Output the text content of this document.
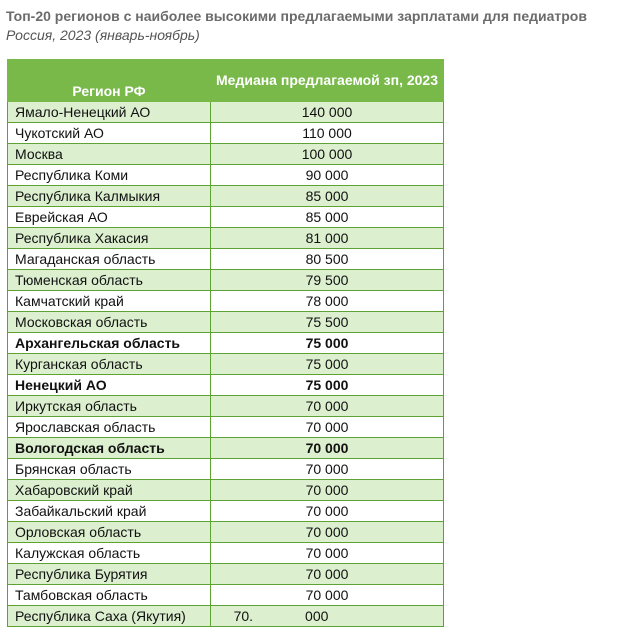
Топ-20 регионов с наиболее высокими предлагаемыми зарплатами для педиатров
Россия, 2023 (январь-ноябрь)
Регион РФ	Медиана предлагаемой зп, 2023
Ямало-Ненецкий АО	140 000
Чукотский АО	110 000
Москва	100 000
Республика Коми	90 000
Республика Калмыкия	85 000
Еврейская АО	85 000
Республика Хакасия	81 000
Магаданская область	80 500
Тюменская область	79 500
Камчатский край	78 000
Московская область	75 500
Архангельская область	75 000
Курганская область	75 000
Ненецкий АО	75 000
Иркутская область	70 000
Ярославская область	70 000
Вологодская область	70 000
Брянская область	70 000
Хабаровский край	70 000
Забайкальский край	70 000
Орловская область	70 000
Калужская область	70 000
Республика Бурятия	70 000
Тамбовская область	70 000
Республика Саха (Якутия)	70. 000
